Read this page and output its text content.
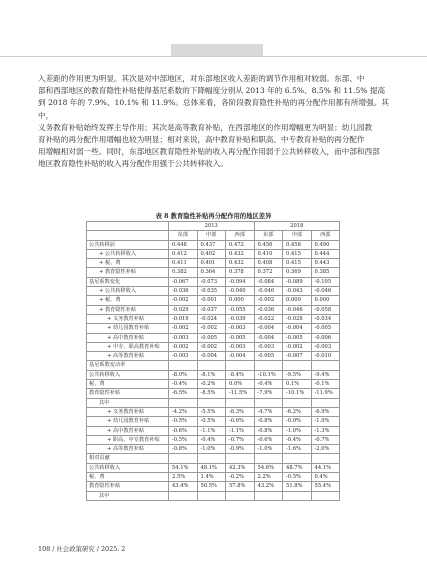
入差距的作用更为明显。其次是对中部地区，对东部地区收入差距的调节作用相对较弱。东部、中

部和西部地区的教育隐性补贴使得基尼系数的下降幅度分别从 2013 年的 6.5%、8.5% 和 11.5% 提高

到 2018 年的 7.9%、10.1% 和 11.9%。总体来看，各阶段教育隐性补贴的再分配作用都有所增强。其中，

义务教育补贴始终发挥主导作用；其次是高等教育补贴，在西部地区的作用增幅更为明显；幼儿园教

育补贴的再分配作用增幅也较为明显；相对来说，高中教育补贴和职高、中专教育补贴的再分配作

用增幅相对弱一些。同时，东部地区教育隐性补贴的收入再分配作用弱于公共转移收入，而中部和西部

地区教育隐性补贴的收入再分配作用强于公共转移收入。

表 8 教育隐性补贴再分配作用的地区差异
	2013			2018		
	东部	中部	西部	东部	中部	西部
公共转移前	0.448	0.437	0.472	0.456	0.458	0.490
+ 公共转移收入	0.412	0.402	0.432	0.410	0.415	0.444
+ 税、费	0.411	0.401	0.432	0.408	0.415	0.443
+ 教育隐性补贴	0.382	0.364	0.378	0.372	0.369	0.385
基尼系数变化	-0.067	-0.073	-0.094	-0.084	-0.089	-0.105
+ 公共转移收入	-0.036	-0.035	-0.040	-0.046	-0.043	-0.046
+ 税、费	-0.002	-0.001	0.000	-0.002	0.000	0.000
+ 教育隐性补贴	-0.029	-0.037	-0.055	-0.036	-0.046	-0.058
+ 义务教育补贴	-0.019	-0.024	-0.039	-0.022	-0.028	-0.034
+ 幼儿园教育补贴	-0.002	-0.002	-0.003	-0.004	-0.004	-0.005
+ 高中教育补贴	-0.003	-0.005	-0.005	-0.004	-0.005	-0.006
+ 中专、职高教育补贴	-0.002	-0.002	-0.003	-0.003	-0.002	-0.003
+ 高等教育补贴	-0.003	-0.004	-0.004	-0.005	-0.007	-0.010
基尼系数变动率						
公共转移收入	-8.0%	-8.1%	-8.4%	-10.1%	-9.5%	-9.4%
税、费	-0.4%	-0.2%	0.0%	-0.4%	0.1%	-0.1%
教育隐性补贴	-6.5%	-8.5%	-11.5%	-7.9%	-10.1%	-11.9%
其中						
+ 义务教育补贴	-4.2%	-5.5%	-8.3%	-4.7%	-6.2%	-6.9%
+ 幼儿园教育补贴	-0.5%	-0.5%	-0.6%	-0.8%	-0.9%	-1.0%
+ 高中教育补贴	-0.6%	-1.1%	-1.1%	-0.8%	-1.0%	-1.3%
+ 职高、中专教育补贴	-0.5%	-0.4%	-0.7%	-0.6%	-0.4%	-0.7%
+ 高等教育补贴	-0.8%	-1.0%	-0.9%	-1.0%	-1.6%	-2.0%
相对贡献						
公共转移收入	54.1%	48.1%	42.3%	54.6%	48.7%	44.1%
税、费	2.5%	1.4%	-0.2%	2.2%	-0.5%	0.4%
教育隐性补贴	43.4%	50.5%	57.8%	43.2%	51.8%	55.4%
其中						
108 / 社会政策研究 / 2025. 2
